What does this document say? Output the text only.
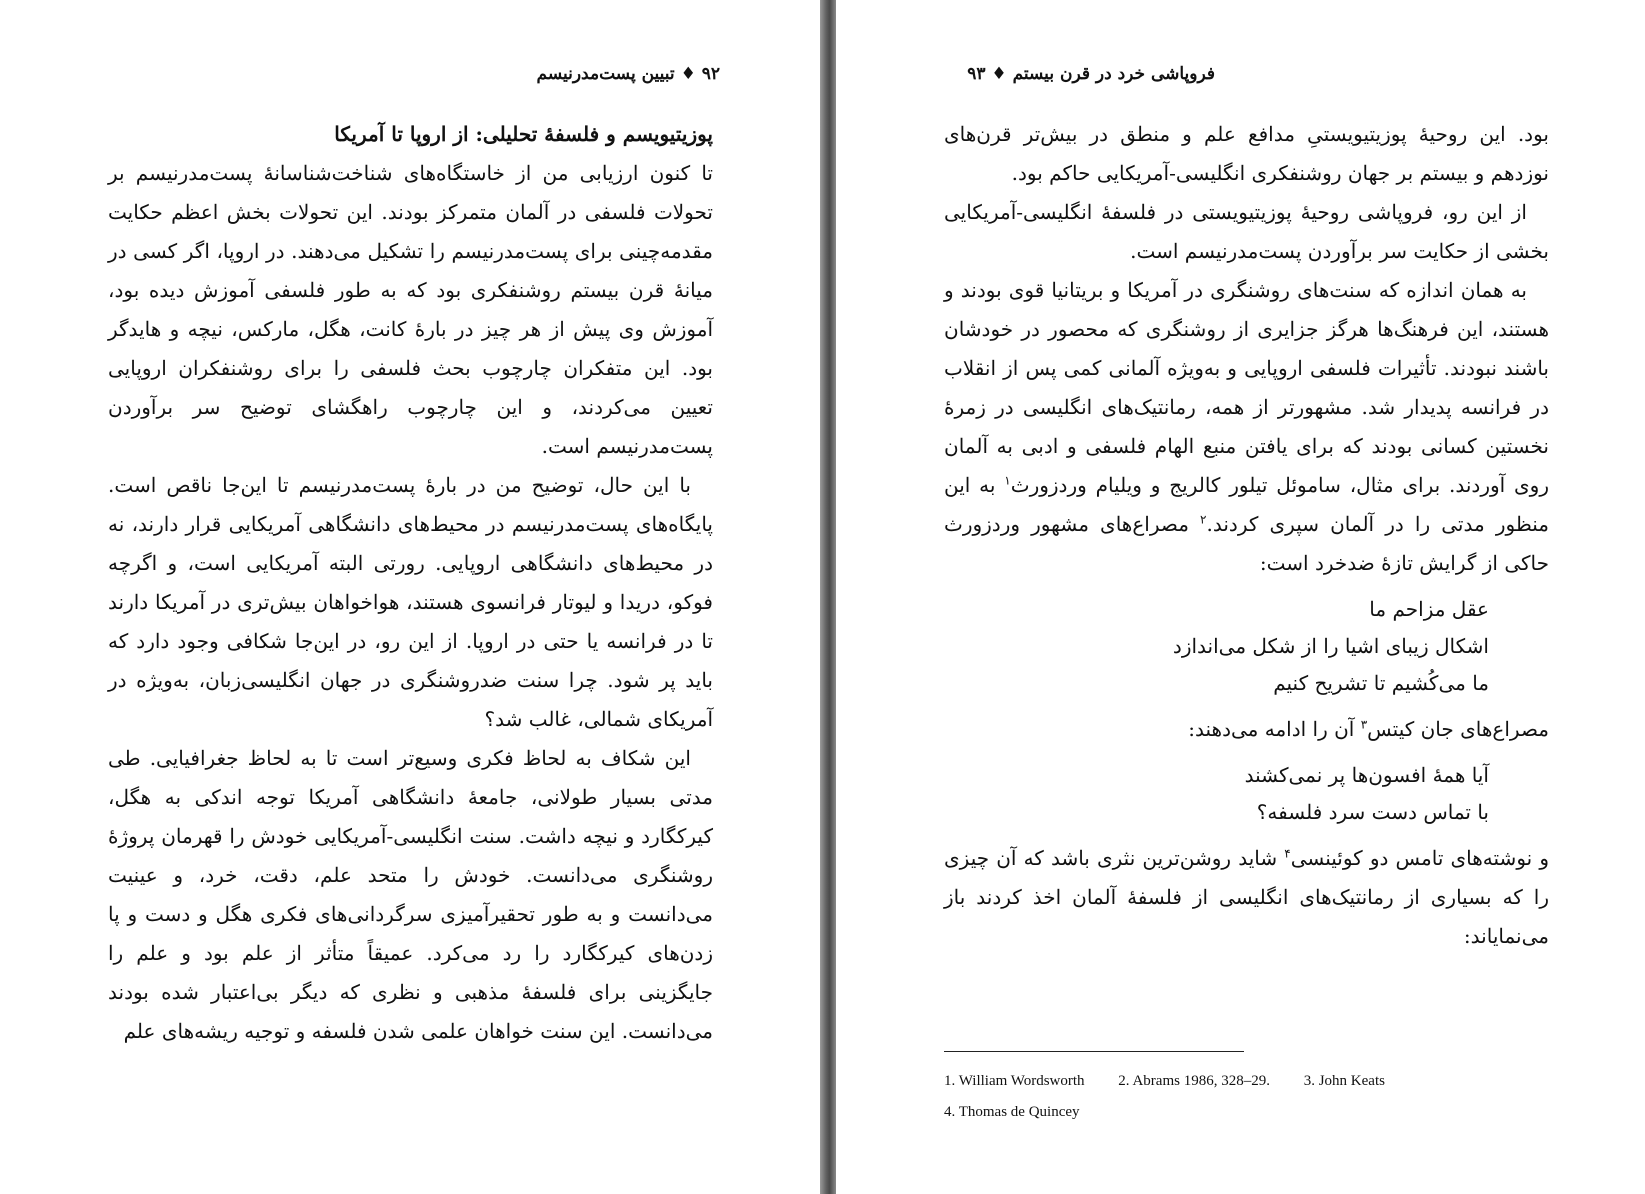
۹۲ ♦ تبیین پست‌مدرنیسم

پوزیتیویسم و فلسفهٔ تحلیلی: از اروپا تا آمریکا

تا کنون ارزیابی من از خاستگاه‌های شناخت‌شناسانهٔ پست‌مدرنیسم بر تحولات فلسفی در آلمان متمرکز بودند. این تحولات بخش اعظم حکایت مقدمه‌چینی برای پست‌مدرنیسم را تشکیل می‌دهند. در اروپا، اگر کسی در میانهٔ قرن بیستم روشنفکری بود که به طور فلسفی آموزش دیده بود، آموزش وی پیش از هر چیز در بارهٔ کانت، هگل، مارکس، نیچه و هایدگر بود. این متفکران چارچوب بحث فلسفی را برای روشنفکران اروپایی تعیین می‌کردند، و این چارچوب راهگشای توضیح سر برآوردن پست‌مدرنیسم است.

با این حال، توضیح من در بارهٔ پست‌مدرنیسم تا این‌جا ناقص است. پایگاه‌های پست‌مدرنیسم در محیط‌های دانشگاهی آمریکایی قرار دارند، نه در محیط‌های دانشگاهی اروپایی. رورتی البته آمریکایی است، و اگرچه فوکو، دریدا و لیوتار فرانسوی هستند، هواخواهان بیش‌تری در آمریکا دارند تا در فرانسه یا حتی در اروپا. از این رو، در این‌جا شکافی وجود دارد که باید پر شود. چرا سنت ضدروشنگری در جهان انگلیسی‌زبان، به‌ویژه در آمریکای شمالی، غالب شد؟

این شکاف به لحاظ فکری وسیع‌تر است تا به لحاظ جغرافیایی. طی مدتی بسیار طولانی، جامعهٔ دانشگاهی آمریکا توجه اندکی به هگل، کیرکگارد و نیچه داشت. سنت انگلیسی-آمریکایی خودش را قهرمان پروژهٔ روشنگری می‌دانست. خودش را متحد علم، دقت، خرد، و عینیت می‌دانست و به طور تحقیرآمیزی سرگردانی‌های فکری هگل و دست و پا زدن‌های کیرکگارد را رد می‌کرد. عمیقاً متأثر از علم بود و علم را جایگزینی برای فلسفهٔ مذهبی و نظری که دیگر بی‌اعتبار شده بودند می‌دانست. این سنت خواهان علمی شدن فلسفه و توجیه ریشه‌های علم

فروپاشی خرد در قرن بیستم ♦ ۹۳

بود. این روحیهٔ پوزیتیویستیِ مدافع علم و منطق در بیش‌تر قرن‌های نوزدهم و بیستم بر جهان روشنفکری انگلیسی-آمریکایی حاکم بود.

از این رو، فروپاشی روحیهٔ پوزیتیویستی در فلسفهٔ انگلیسی-آمریکایی بخشی از حکایت سر برآوردن پست‌مدرنیسم است.

به همان اندازه که سنت‌های روشنگری در آمریکا و بریتانیا قوی بودند و هستند، این فرهنگ‌ها هرگز جزایری از روشنگری که محصور در خودشان باشند نبودند. تأثیرات فلسفی اروپایی و به‌ویژه آلمانی کمی پس از انقلاب در فرانسه پدیدار شد. مشهورتر از همه، رمانتیک‌های انگلیسی در زمرهٔ نخستین کسانی بودند که برای یافتن منبع الهام فلسفی و ادبی به آلمان روی آوردند. برای مثال، ساموئل تیلور کالریج و ویلیام وردزورث$^۱$ به این منظور مدتی را در آلمان سپری کردند.$^۲$ مصراع‌های مشهور وردزورث حاکی از گرایش تازهٔ ضدخرد است:

عقل مزاحم ما
اشکال زیبای اشیا را از شکل می‌اندازد
ما می‌کُشیم تا تشریح کنیم

مصراع‌های جان کیتس$^۳$ آن را ادامه می‌دهند:

آیا همهٔ افسون‌ها پر نمی‌کشند
با تماس دست سرد فلسفه؟

و نوشته‌های تامس دو کوئینسی$^۴$ شاید روشن‌ترین نثری باشد که آن چیزی را که بسیاری از رمانتیک‌های انگلیسی از فلسفهٔ آلمان اخذ کردند باز می‌نمایاند:

1. William Wordsworth 2. Abrams 1986, 328–29. 3. John Keats
4. Thomas de Quincey
